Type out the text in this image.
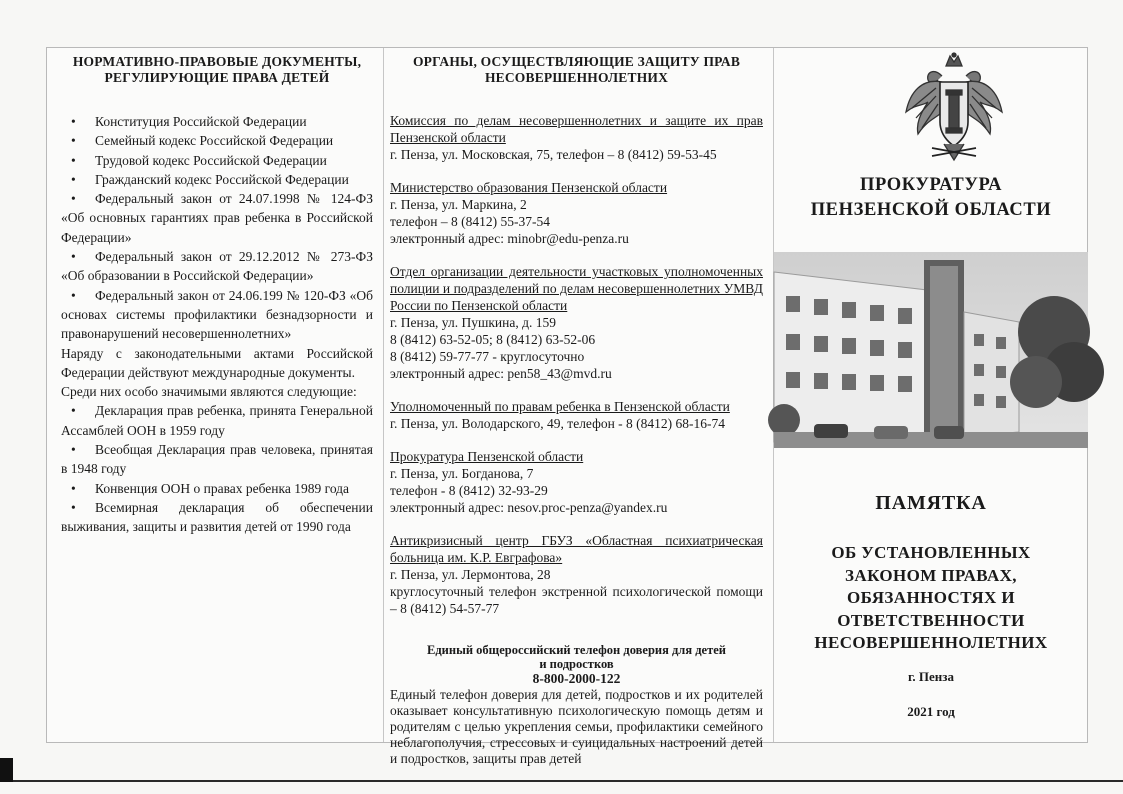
НОРМАТИВНО-ПРАВОВЫЕ ДОКУМЕНТЫ,
РЕГУЛИРУЮЩИЕ ПРАВА ДЕТЕЙ
• Конституция Российской Федерации
• Семейный кодекс Российской Федерации
• Трудовой кодекс Российской Федерации
• Гражданский кодекс Российской Федерации
• Федеральный закон от 24.07.1998 № 124-ФЗ «Об основных гарантиях прав ребенка в Российской Федерации»
• Федеральный закон от 29.12.2012 № 273-ФЗ «Об образовании в Российской Федерации»
• Федеральный закон от 24.06.199 № 120-ФЗ «Об основах системы профилактики безнадзорности и правонарушений несовершеннолетних»
Наряду с законодательными актами Российской Федерации действуют международные документы.
Среди них особо значимыми являются следующие:
• Декларация прав ребенка, принята Генеральной Ассамблей ООН в 1959 году
• Всеобщая Декларация прав человека, принятая в 1948 году
• Конвенция ООН о правах ребенка 1989 года
• Всемирная декларация об обеспечении выживания, защиты и развития детей от 1990 года
ОРГАНЫ, ОСУЩЕСТВЛЯЮЩИЕ ЗАЩИТУ ПРАВ
НЕСОВЕРШЕННОЛЕТНИХ
Комиссия по делам несовершеннолетних и защите их прав Пензенской области
г. Пенза, ул. Московская, 75, телефон – 8 (8412) 59-53-45
Министерство образования Пензенской области
г. Пенза, ул. Маркина, 2
телефон – 8 (8412) 55-37-54
электронный адрес: minobr@edu-penza.ru
Отдел организации деятельности участковых уполномоченных полиции и подразделений по делам несовершеннолетних УМВД России по Пензенской области
г. Пенза, ул. Пушкина, д. 159
8 (8412) 63-52-05; 8 (8412) 63-52-06
8 (8412) 59-77-77 - круглосуточно
электронный адрес: pen58_43@mvd.ru
Уполномоченный по правам ребенка в Пензенской области
г. Пенза, ул. Володарского, 49, телефон - 8 (8412) 68-16-74
Прокуратура Пензенской области
г. Пенза, ул. Богданова, 7
телефон - 8 (8412) 32-93-29
электронный адрес: nesov.proc-penza@yandex.ru
Антикризисный центр ГБУЗ «Областная психиатрическая больница им. К.Р. Евграфова»
г. Пенза, ул. Лермонтова, 28
круглосуточный телефон экстренной психологической помощи – 8 (8412) 54-57-77
Единый общероссийский телефон доверия для детей
и подростков
8-800-2000-122
Единый телефон доверия для детей, подростков и их родителей оказывает консультативную психологическую помощь детям и родителям с целью укрепления семьи, профилактики семейного неблагополучия, стрессовых и суицидальных настроений детей и подростков, защиты прав детей
ПРОКУРАТУРА
ПЕНЗЕНСКОЙ ОБЛАСТИ
ПАМЯТКА
ОБ УСТАНОВЛЕННЫХ
ЗАКОНОМ ПРАВАХ,
ОБЯЗАННОСТЯХ И
ОТВЕТСТВЕННОСТИ
НЕСОВЕРШЕННОЛЕТНИХ
г. Пенза
2021 год
